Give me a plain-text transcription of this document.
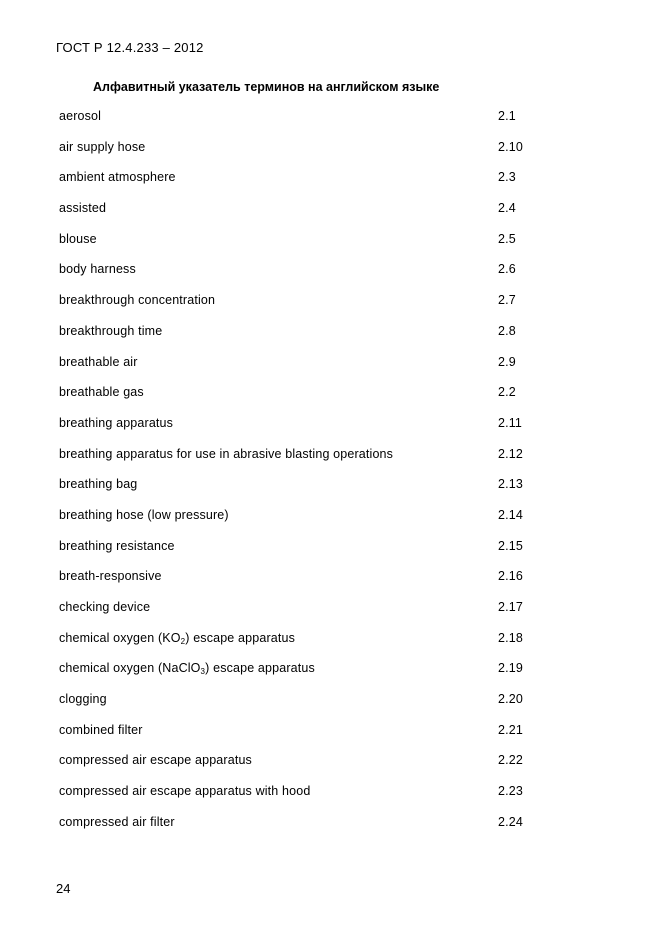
ГОСТ Р 12.4.233 – 2012
Алфавитный указатель терминов на английском языке
aerosol	2.1
air supply hose	2.10
ambient atmosphere	2.3
assisted	2.4
blouse	2.5
body harness	2.6
breakthrough concentration	2.7
breakthrough time	2.8
breathable air	2.9
breathable gas	2.2
breathing apparatus	2.11
breathing apparatus for use in abrasive blasting operations	2.12
breathing bag	2.13
breathing hose (low pressure)	2.14
breathing resistance	2.15
breath-responsive	2.16
checking device	2.17
chemical oxygen $(KO_2)$ escape apparatus	2.18
chemical oxygen (NaClO$_3$) escape apparatus	2.19
clogging	2.20
combined filter	2.21
compressed air escape apparatus	2.22
compressed air escape apparatus with hood	2.23
compressed air filter	2.24
24
